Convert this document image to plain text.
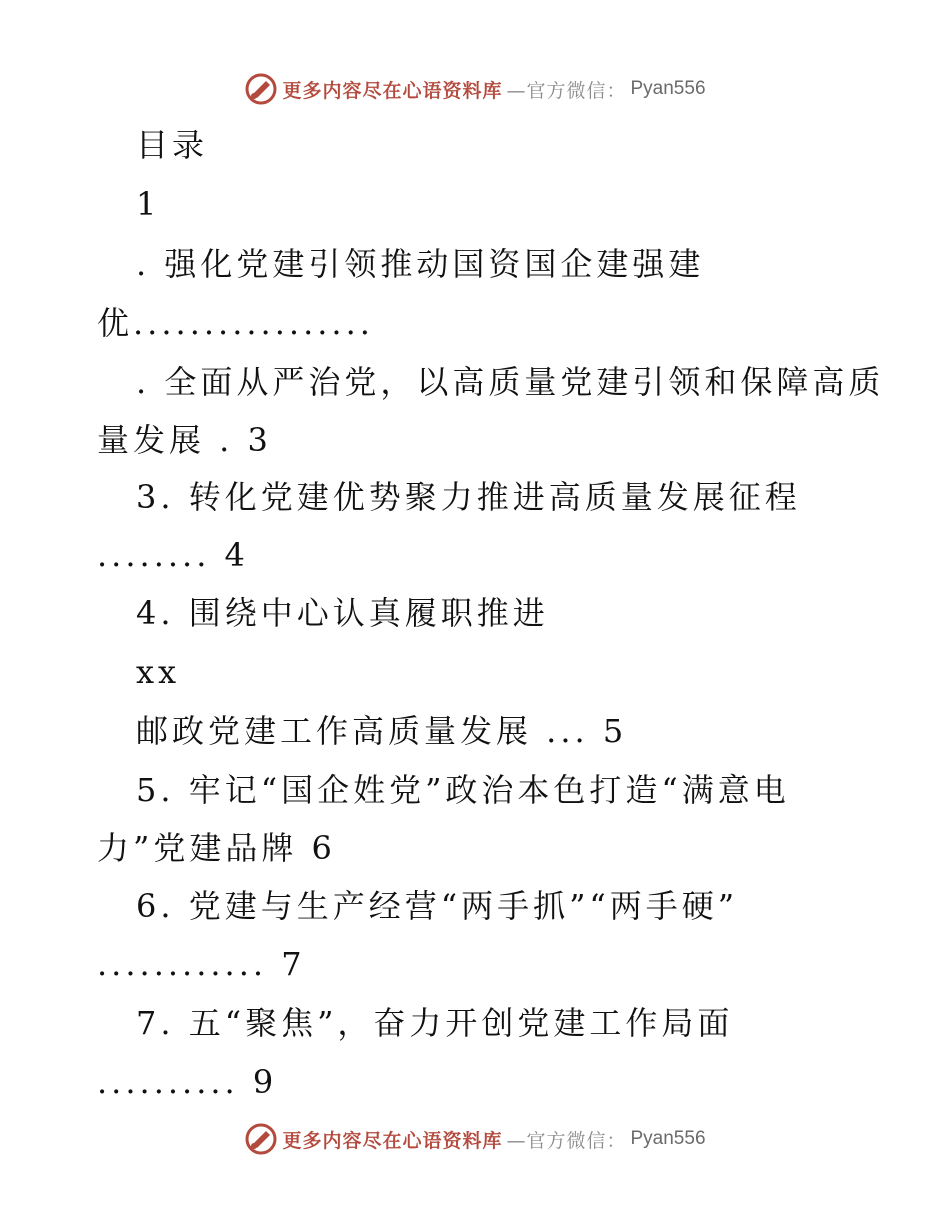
更多内容尽在心语资料库 —官方微信： Pyan556
目录
1
. 强化党建引领推动国资国企建强建
优.................
. 全面从严治党，以高质量党建引领和保障高质
量发展 . 3
3. 转化党建优势聚力推进高质量发展征程
........ 4
4. 围绕中心认真履职推进
xx
邮政党建工作高质量发展 ... 5
5. 牢记“国企姓党”政治本色打造“满意电
力”党建品牌 6
6. 党建与生产经营“两手抓”“两手硬”
............ 7
7. 五“聚焦”，奋力开创党建工作局面
.......... 9
更多内容尽在心语资料库 —官方微信： Pyan556
